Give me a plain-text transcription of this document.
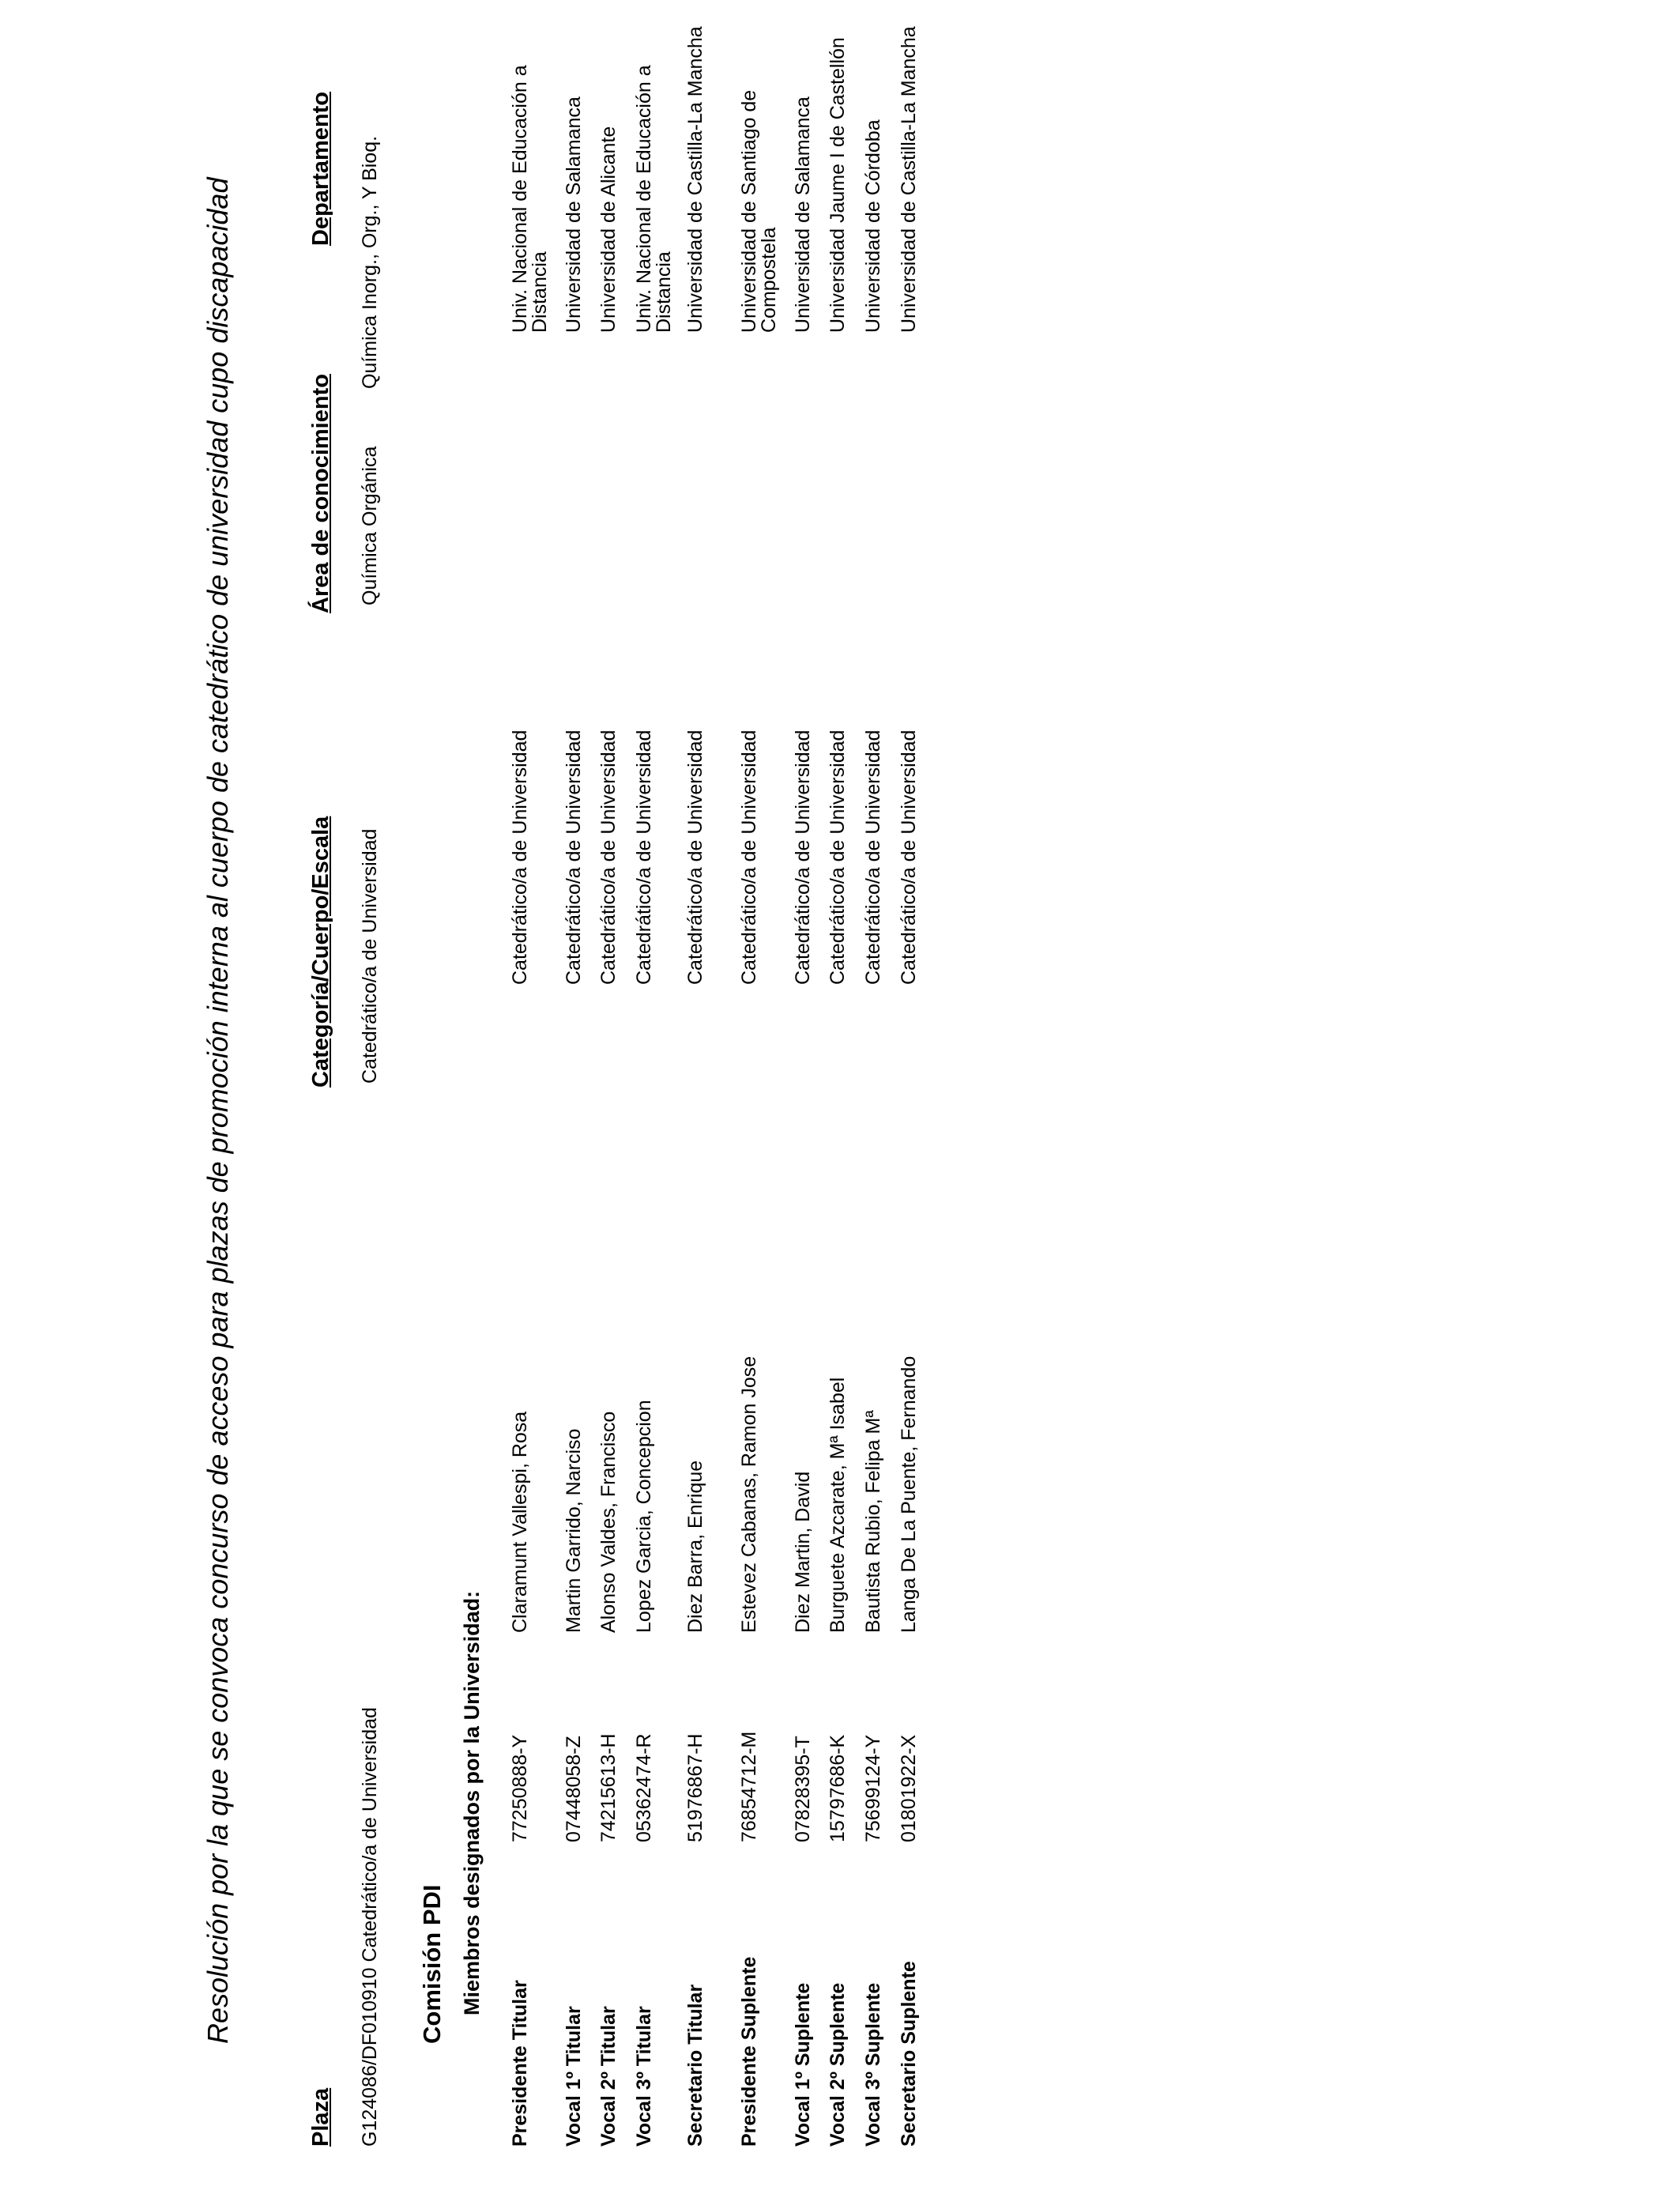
Resolución por la que se convoca concurso de acceso para plazas de promoción interna al cuerpo de catedrático de universidad cupo discapacidad
Plaza
Categoría/Cuerpo/Escala
Área de conocimiento
Departamento
G124086/DF010910 Catedrático/a de Universidad
Catedrático/a de Universidad
Química Orgánica
Química Inorg., Org., Y Bioq.
Comisión PDI Miembros designados por la Universidad:
Presidente Titular
77250888-Y
Claramunt Vallespi, Rosa
Catedrático/a de Universidad
Univ. Nacional de Educación a Distancia
Vocal 1º Titular
07448058-Z
Martin Garrido, Narciso
Catedrático/a de Universidad
Universidad de Salamanca
Vocal 2º Titular
74215613-H
Alonso Valdes, Francisco
Catedrático/a de Universidad
Universidad de Alicante
Vocal 3º Titular
05362474-R
Lopez Garcia, Concepcion
Catedrático/a de Universidad
Univ. Nacional de Educación a Distancia
Secretario Titular
51976867-H
Diez Barra, Enrique
Catedrático/a de Universidad
Universidad de Castilla-La Mancha
Presidente Suplente
76854712-M
Estevez Cabanas, Ramon Jose
Catedrático/a de Universidad
Universidad de Santiago de Compostela
Vocal 1º Suplente
07828395-T
Diez Martin, David
Catedrático/a de Universidad
Universidad de Salamanca
Vocal 2º Suplente
15797686-K
Burguete Azcarate, Mª Isabel
Catedrático/a de Universidad
Universidad Jaume I de Castellón
Vocal 3º Suplente
75699124-Y
Bautista Rubio, Felipa Mª
Catedrático/a de Universidad
Universidad de Córdoba
Secretario Suplente
01801922-X
Langa De La Puente, Fernando
Catedrático/a de Universidad
Universidad de Castilla-La Mancha
